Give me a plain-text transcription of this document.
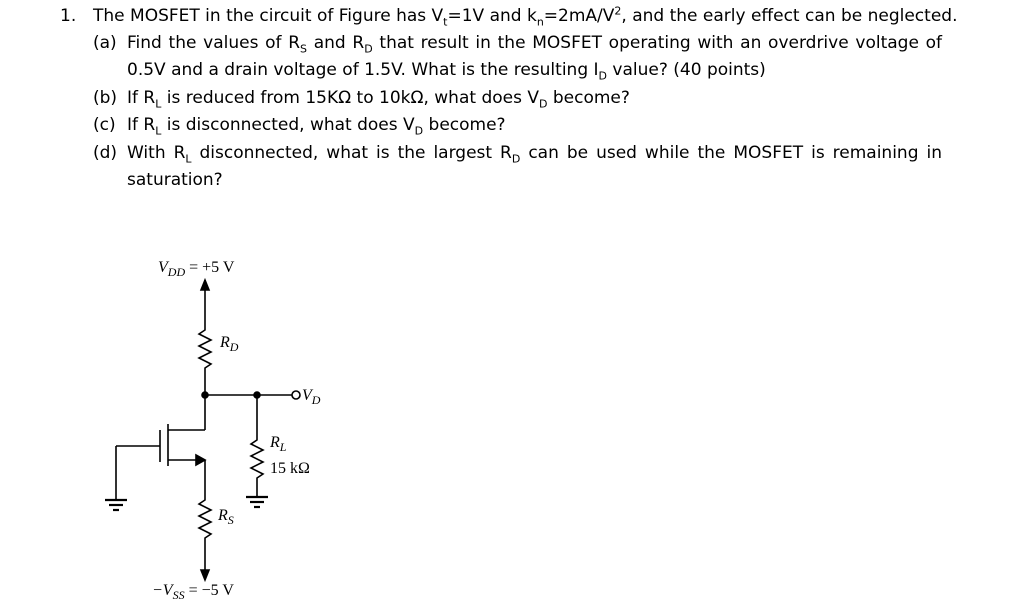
1. The MOSFET in the circuit of Figure has $V_t=1V$ and $k_n=2mA/V^2$, and the early effect can be neglected.
(a) Find the values of $R_S$ and $R_D$ that result in the MOSFET operating with an overdrive voltage of 0.5V and a drain voltage of 1.5V. What is the resulting $I_D$ value? (40 points)
(b) If $R_L$ is reduced from 15KΩ to 10kΩ, what does $V_D$ become?
(c) If $R_L$ is disconnected, what does $V_D$ become?
(d) With $R_L$ disconnected, what is the largest $R_D$ can be used while the MOSFET is remaining in saturation?
$V_{DD} = +5$ V
$R_D$
$V_D$
$R_L$
15 kΩ
$R_S$
$-V_{SS} = -5$ V
